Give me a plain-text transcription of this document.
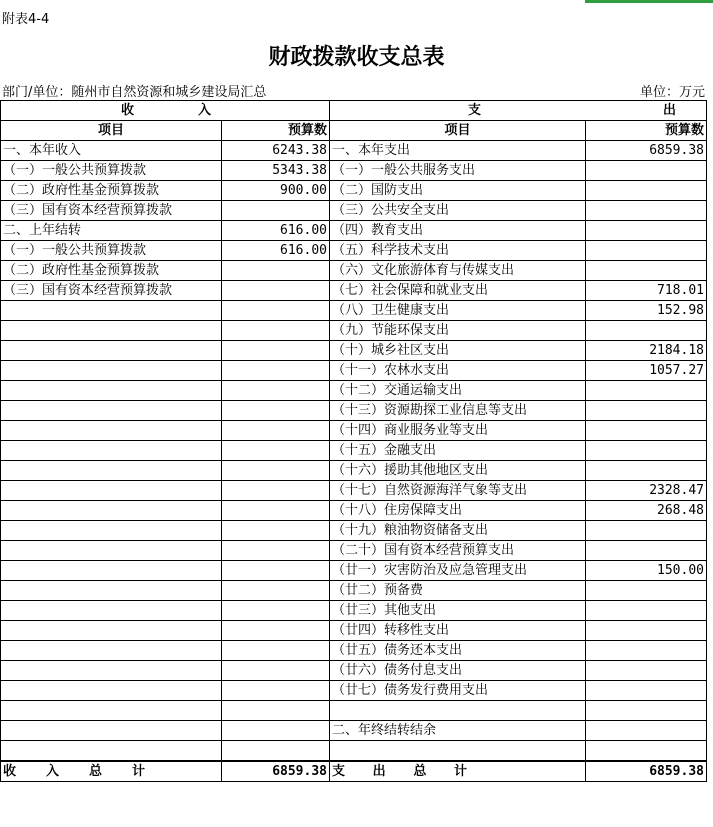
附表4-4
财政拨款收支总表
部门/单位：随州市自然资源和城乡建设局汇总	单位：万元
收 入		支 出	

项目	预算数	项目	预算数
一、本年收入	6243.38	一、本年支出	6859.38
（一）一般公共预算拨款	5343.38	（一）一般公共服务支出	
（二）政府性基金预算拨款	900.00	（二）国防支出	
（三）国有资本经营预算拨款		（三）公共安全支出	
二、上年结转	616.00	（四）教育支出	
（一）一般公共预算拨款	616.00	（五）科学技术支出	
（二）政府性基金预算拨款		（六）文化旅游体育与传媒支出	
（三）国有资本经营预算拨款		（七）社会保障和就业支出	718.01
		（八）卫生健康支出	152.98
		（九）节能环保支出	
		（十）城乡社区支出	2184.18
		（十一）农林水支出	1057.27
		（十二）交通运输支出	
		（十三）资源勘探工业信息等支出	
		（十四）商业服务业等支出	
		（十五）金融支出	
		（十六）援助其他地区支出	
		（十七）自然资源海洋气象等支出	2328.47
		（十八）住房保障支出	268.48
		（十九）粮油物资储备支出	
		（二十）国有资本经营预算支出	
		（廿一）灾害防治及应急管理支出	150.00
		（廿二）预备费	
		（廿三）其他支出	
		（廿四）转移性支出	
		（廿五）债务还本支出	
		（廿六）债务付息支出	
		（廿七）债务发行费用支出	

		二、年终结转结余	

收 入 总 计	6859.38	支 出 总 计	6859.38
